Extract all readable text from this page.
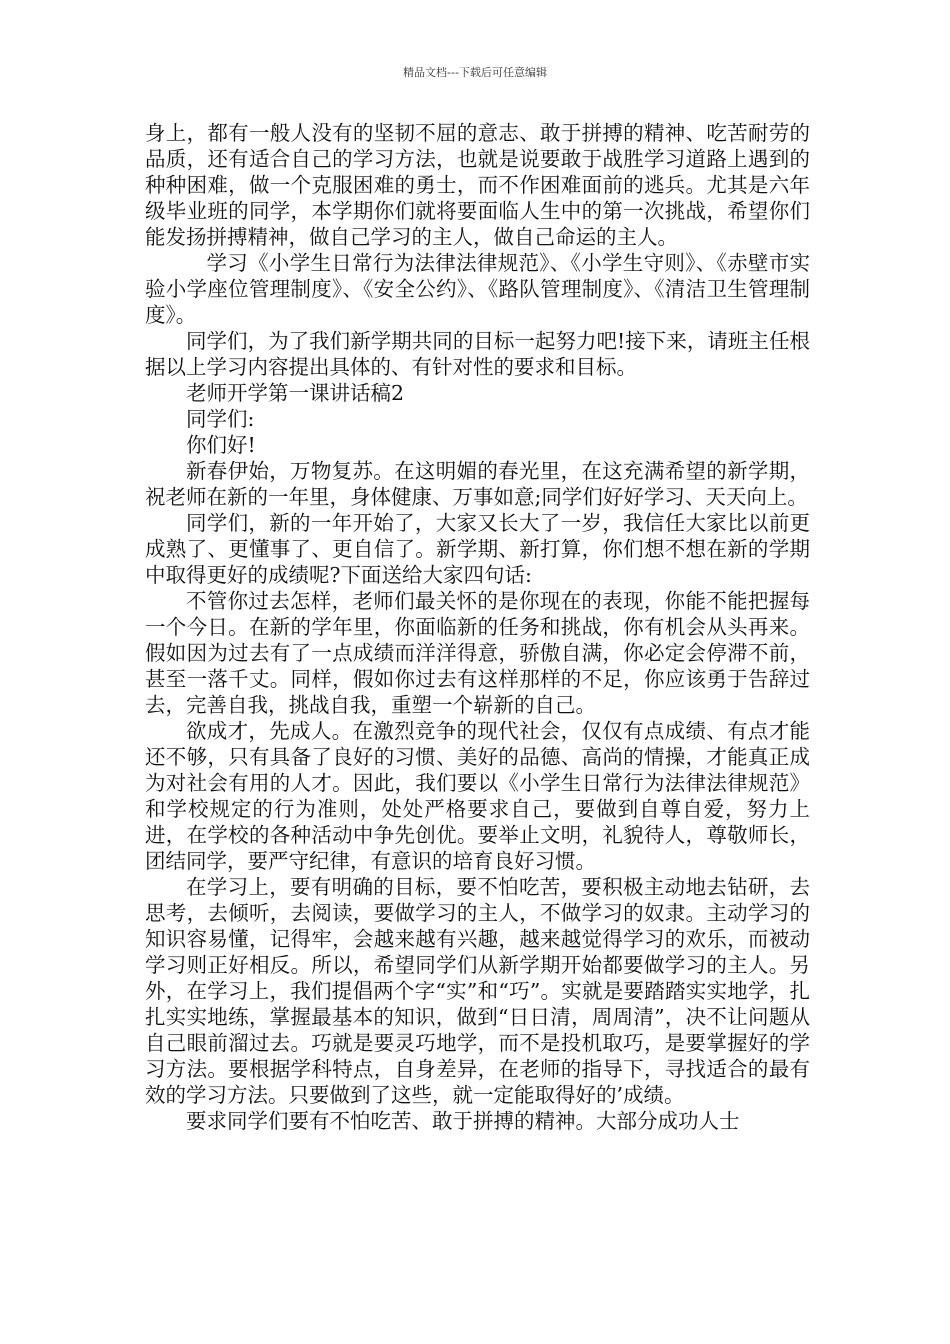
精品文档---下载后可任意编辑

身上，都有一般人没有的坚韧不屈的意志、敢于拼搏的精神、吃苦耐劳的品质，还有适合自己的学习方法，也就是说要敢于战胜学习道路上遇到的种种困难，做一个克服困难的勇士，而不作困难面前的逃兵。尤其是六年级毕业班的同学，本学期你们就将要面临人生中的第一次挑战，希望你们能发扬拼搏精神，做自己学习的主人，做自己命运的主人。

学习《小学生日常行为法律法律规范》、《小学生守则》、《赤壁市实验小学座位管理制度》、《安全公约》、《路队管理制度》、《清洁卫生管理制度》。

同学们，为了我们新学期共同的目标一起努力吧!接下来，请班主任根据以上学习内容提出具体的、有针对性的要求和目标。

老师开学第一课讲话稿2

同学们:

你们好!

新春伊始，万物复苏。在这明媚的春光里，在这充满希望的新学期，祝老师在新的一年里，身体健康、万事如意;同学们好好学习、天天向上。

同学们，新的一年开始了，大家又长大了一岁，我信任大家比以前更成熟了、更懂事了、更自信了。新学期、新打算，你们想不想在新的学期中取得更好的成绩呢?下面送给大家四句话:

不管你过去怎样，老师们最关怀的是你现在的表现，你能不能把握每一个今日。在新的学年里，你面临新的任务和挑战，你有机会从头再来。假如因为过去有了一点成绩而洋洋得意，骄傲自满，你必定会停滞不前，甚至一落千丈。同样，假如你过去有这样那样的不足，你应该勇于告辞过去，完善自我，挑战自我，重塑一个崭新的自己。

欲成才，先成人。在激烈竞争的现代社会，仅仅有点成绩、有点才能还不够，只有具备了良好的习惯、美好的品德、高尚的情操，才能真正成为对社会有用的人才。因此，我们要以《小学生日常行为法律法律规范》和学校规定的行为准则，处处严格要求自己，要做到自尊自爱，努力上进，在学校的各种活动中争先创优。要举止文明，礼貌待人，尊敬师长，团结同学，要严守纪律，有意识的培育良好习惯。

在学习上，要有明确的目标，要不怕吃苦，要积极主动地去钻研，去思考，去倾听，去阅读，要做学习的主人，不做学习的奴隶。主动学习的知识容易懂，记得牢，会越来越有兴趣，越来越觉得学习的欢乐，而被动学习则正好相反。所以，希望同学们从新学期开始都要做学习的主人。另外，在学习上，我们提倡两个字“实”和“巧”。实就是要踏踏实实地学，扎扎实实地练，掌握最基本的知识，做到“日日清，周周清”，决不让问题从自己眼前溜过去。巧就是要灵巧地学，而不是投机取巧，是要掌握好的学习方法。要根据学科特点，自身差异，在老师的指导下，寻找适合的最有效的学习方法。只要做到了这些，就一定能取得好的’成绩。

要求同学们要有不怕吃苦、敢于拼搏的精神。大部分成功人士
